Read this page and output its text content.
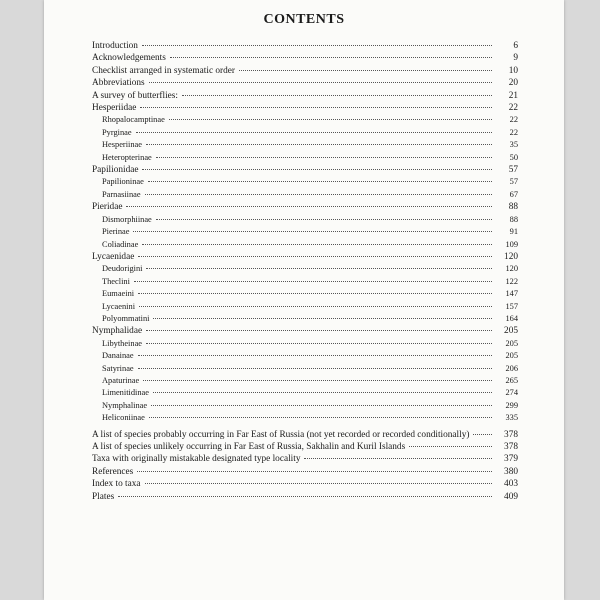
CONTENTS
Introduction	6
Acknowledgements	9
Checklist arranged in systematic order	10
Abbreviations	20
A survey of butterflies:	21
Hesperiidae	22
Rhopalocamptinae	22
Pyrginae	22
Hesperiinae	35
Heteropterinae	50
Papilionidae	57
Papilioninae	57
Parnasiinae	67
Pieridae	88
Dismorphiinae	88
Pierinae	91
Coliadinae	109
Lycaenidae	120
Deudorigini	120
Theclini	122
Eumaeini	147
Lycaenini	157
Polyommatini	164
Nymphalidae	205
Libytheinae	205
Danainae	205
Satyrinae	206
Apaturinae	265
Limenitidinae	274
Nymphalinae	299
Heliconiinae	335
A list of species probably occurring in Far East of Russia (not yet recorded or recorded conditionally)	378
A list of species unlikely occurring in Far East of Russia, Sakhalin and Kuril Islands	378
Taxa with originally mistakable designated type locality	379
References	380
Index to taxa	403
Plates	409
